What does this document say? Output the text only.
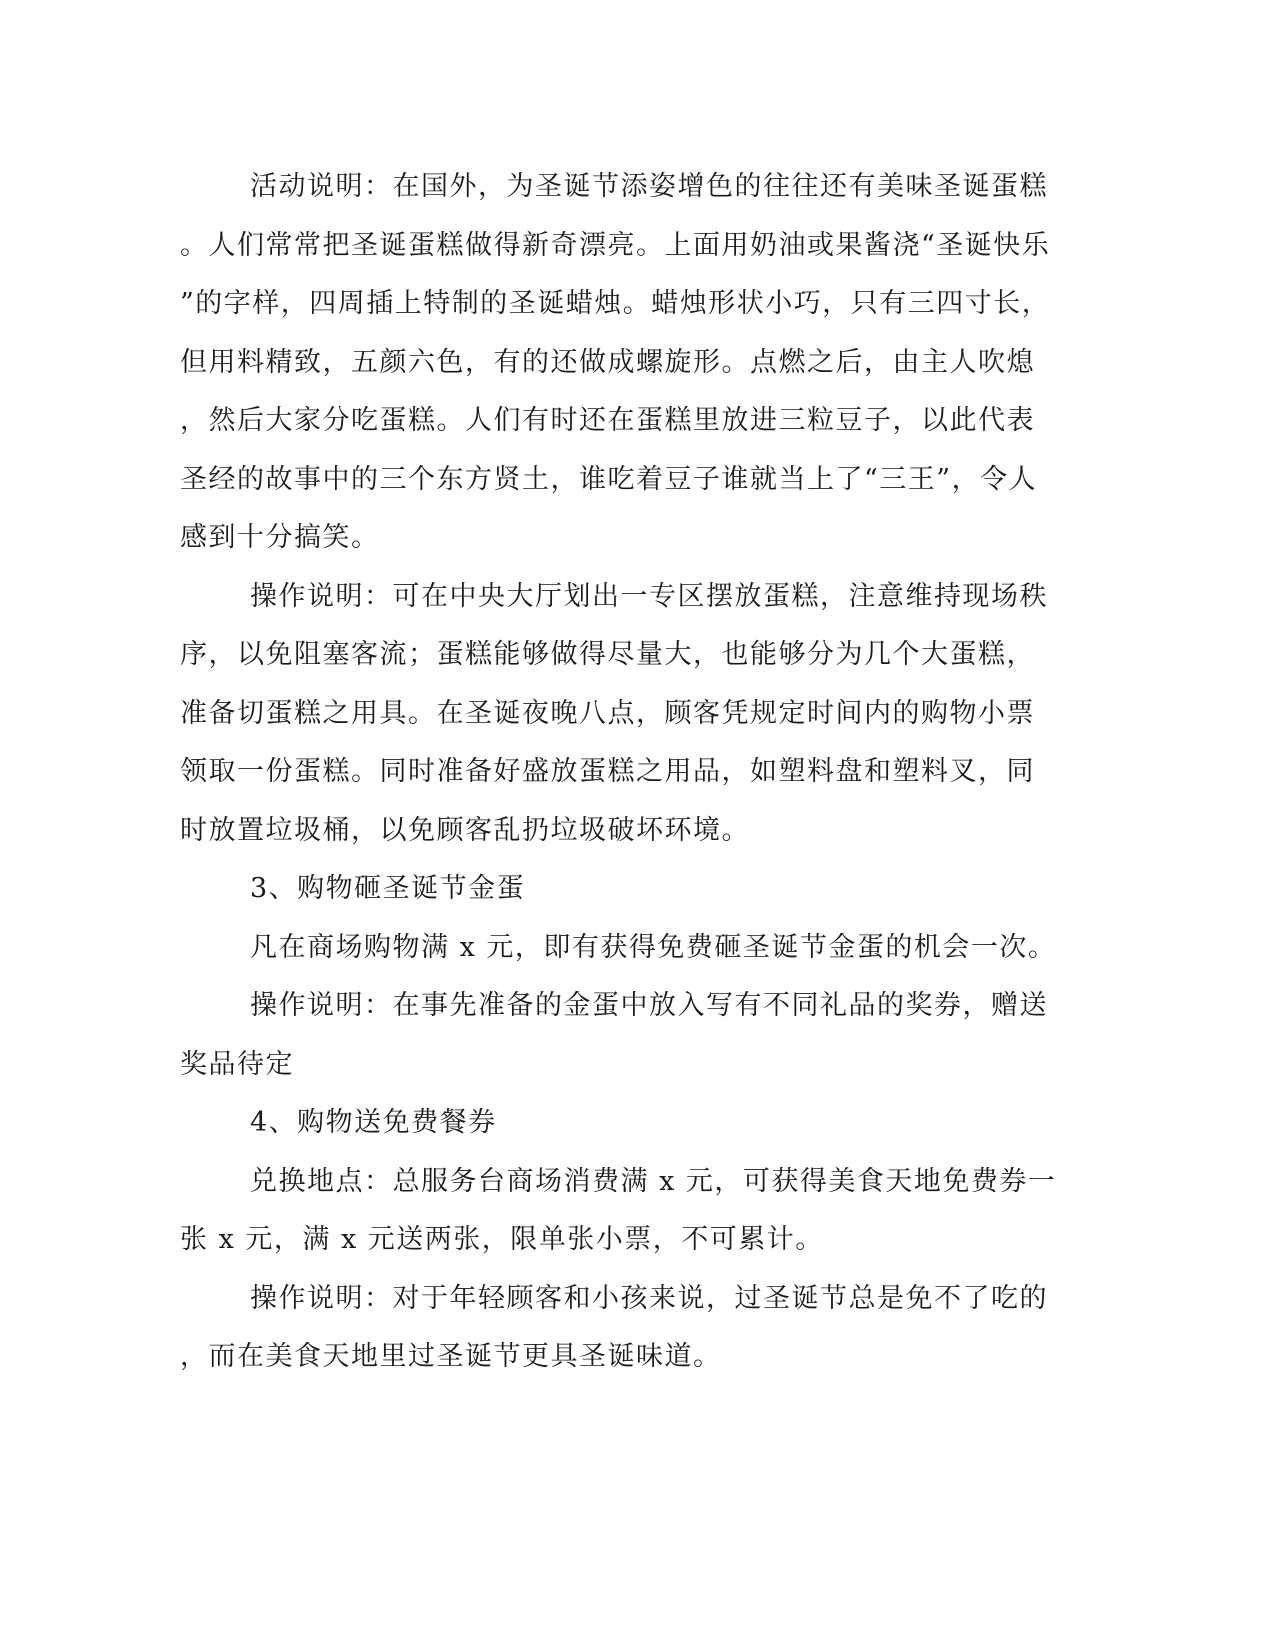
活动说明：在国外，为圣诞节添姿增色的往往还有美味圣诞蛋糕
。人们常常把圣诞蛋糕做得新奇漂亮。上面用奶油或果酱浇“圣诞快乐
”的字样，四周插上特制的圣诞蜡烛。蜡烛形状小巧，只有三四寸长，
但用料精致，五颜六色，有的还做成螺旋形。点燃之后，由主人吹熄
，然后大家分吃蛋糕。人们有时还在蛋糕里放进三粒豆子，以此代表
圣经的故事中的三个东方贤土，谁吃着豆子谁就当上了“三王”，令人
感到十分搞笑。
操作说明：可在中央大厅划出一专区摆放蛋糕，注意维持现场秩
序，以免阻塞客流；蛋糕能够做得尽量大，也能够分为几个大蛋糕，
准备切蛋糕之用具。在圣诞夜晚八点，顾客凭规定时间内的购物小票
领取一份蛋糕。同时准备好盛放蛋糕之用品，如塑料盘和塑料叉，同
时放置垃圾桶，以免顾客乱扔垃圾破坏环境。
3、购物砸圣诞节金蛋
凡在商场购物满 x 元，即有获得免费砸圣诞节金蛋的机会一次。
操作说明：在事先准备的金蛋中放入写有不同礼品的奖券，赠送
奖品待定
4、购物送免费餐券
兑换地点：总服务台商场消费满 x 元，可获得美食天地免费券一
张 x 元，满 x 元送两张，限单张小票，不可累计。
操作说明：对于年轻顾客和小孩来说，过圣诞节总是免不了吃的
，而在美食天地里过圣诞节更具圣诞味道。
